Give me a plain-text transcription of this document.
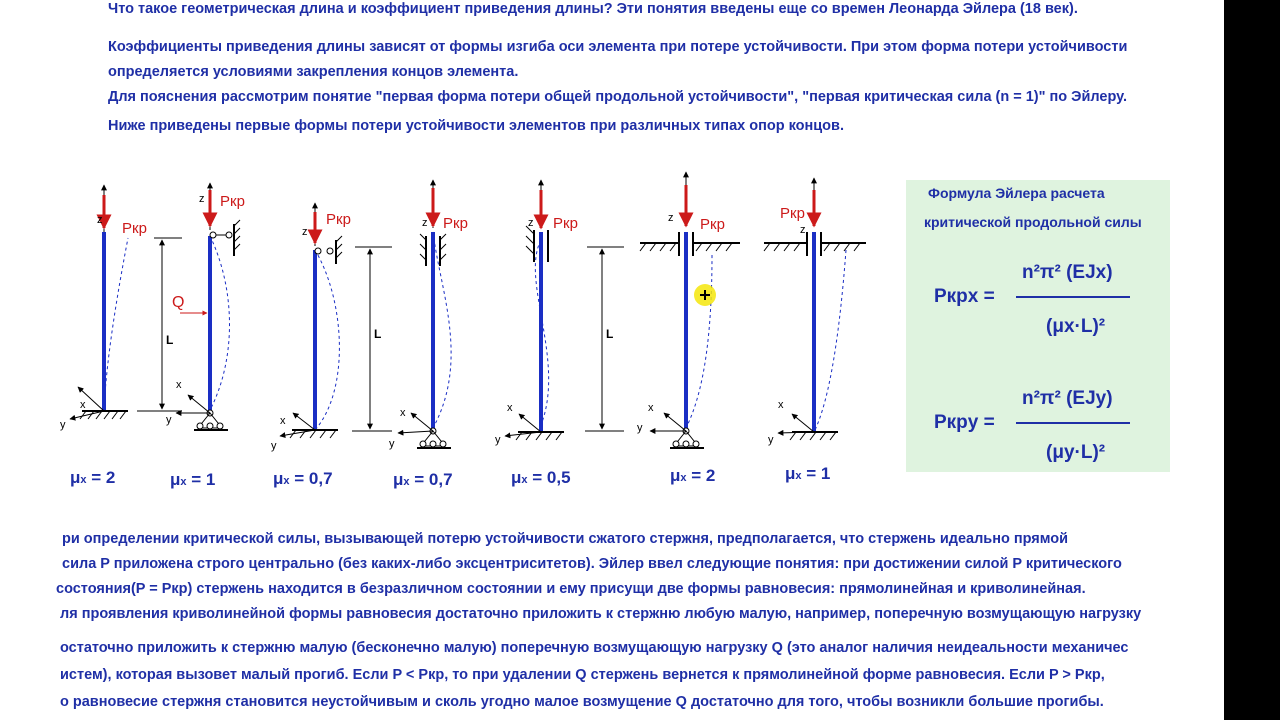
Что такое геометрическая длина и коэффициент приведения длины? Эти понятия введены еще со времен Леонарда Эйлера (18 век).
Коэффициенты приведения длины зависят от формы изгиба оси элемента при потере устойчивости. При этом форма потери устойчивости
определяется условиями закрепления концов элемента.
Для пояснения рассмотрим понятие "первая форма потери общей продольной устойчивости", "первая критическая сила (n = 1)" по Эйлеру.
Ниже приведены первые формы потери устойчивости элементов при различных типах опор концов.
Pкр
Pкр
Pкр	Pкр	Pкр	Pкр
Pкр
Q
L	L	L
z
z
z
z	z	z
z
x
x
x
x	x	x	x
y	y
y	y	y
y
y
μx = 2	μx = 1	μx = 0,7	μx = 0,7	μx = 0,5	μx = 2	μx = 1
Формула Эйлера расчета
критической продольной силы
Pкрx =
n²π² (EJx)
(μx·L)²
Pкрy =
n²π² (EJy)
(μy·L)²
ри определении критической силы, вызывающей потерю устойчивости сжатого стержня, предполагается, что стержень идеально прямой
сила P приложена строго центрально (без каких-либо эксцентриситетов). Эйлер ввел следующие понятия: при достижении силой P критического
состояния(P = Pкр) стержень находится в безразличном состоянии и ему присущи две формы равновесия: прямолинейная и криволинейная.
ля проявления криволинейной формы равновесия достаточно приложить к стержню любую малую, например, поперечную возмущающую нагрузку
остаточно приложить к стержню малую (бесконечно малую) поперечную возмущающую нагрузку Q (это аналог наличия неидеальности механичес
истем), которая вызовет малый прогиб. Если P < Pкр, то при удалении Q стержень вернется к прямолинейной форме равновесия. Если P > Pкр,
о равновесие стержня становится неустойчивым и сколь угодно малое возмущение Q достаточно для того, чтобы возникли большие прогибы.
